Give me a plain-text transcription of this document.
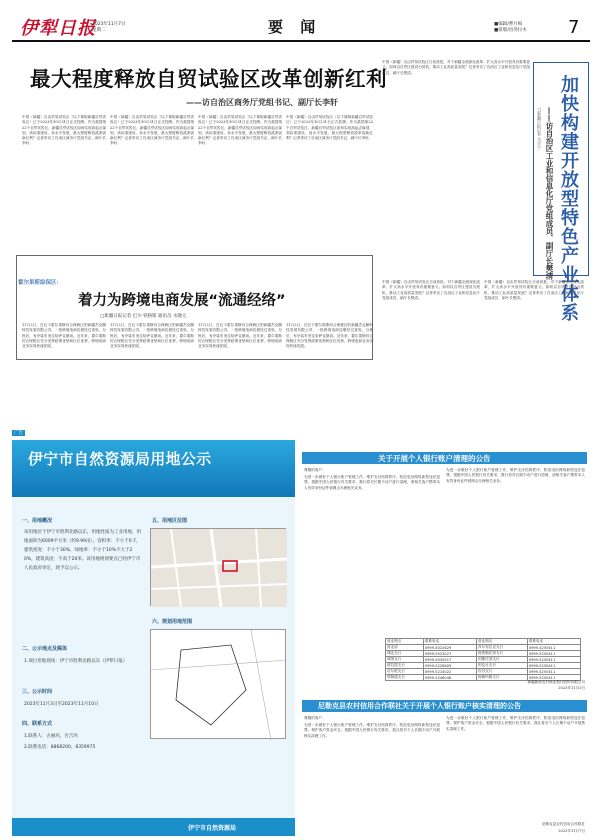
伊犁日报
2023年11月7日
星期二	要 闻	■编辑/曹月梅
■排版/再努拉木 7
最大程度释放自贸试验区改革创新红利
——访自治区商务厅党组书记、副厅长李轩
中国（新疆）自由贸易试验区（以下简称新疆自贸试验区）已于2023年10月31日正式挂牌。作为我国第22个自贸试验区，新疆自贸试验区如何实现高起点谋划、高标准建设、高水平发展，最大程度释放改革创新红利？记者采访了自治区商务厅党组书记、副厅长李轩。
中国（新疆）自由贸易试验区（以下简称新疆自贸试验区）已于2023年10月31日正式挂牌。作为我国第22个自贸试验区，新疆自贸试验区如何实现高起点谋划、高标准建设、高水平发展，最大程度释放改革创新红利？记者采访了自治区商务厅党组书记、副厅长李轩。
中国（新疆）自由贸易试验区（以下简称新疆自贸试验区）已于2023年10月31日正式挂牌。作为我国第22个自贸试验区，新疆自贸试验区如何实现高起点谋划、高标准建设、高水平发展，最大程度释放改革创新红利？记者采访了自治区商务厅党组书记、副厅长李轩。
中国（新疆）自由贸易试验区（以下简称新疆自贸试验区）已于2023年10月31日正式挂牌。作为我国第22个自贸试验区，新疆自贸试验区如何实现高起点谋划、高标准建设、高水平发展，最大程度释放改革创新红利？记者采访了自治区商务厅党组书记、副厅长李轩。
霍尔果斯综保区：
着力为跨境电商发展“流通经络”
□新疆日报记者 巴尔·铁格斯 通讯员 永隆元
11月2日，在位于霍尔果斯综合保税区的新疆杰克聊科技发展有限公司，一批跨境电商包裹经过查验、分拣后，有序装车发往哈萨克斯坦。近年来，霍尔果斯综合保税区充分发挥政策优势和区位优势，跨境电商业务实现快速发展。
11月2日，在位于霍尔果斯综合保税区的新疆杰克聊科技发展有限公司，一批跨境电商包裹经过查验、分拣后，有序装车发往哈萨克斯坦。近年来，霍尔果斯综合保税区充分发挥政策优势和区位优势，跨境电商业务实现快速发展。
11月2日，在位于霍尔果斯综合保税区的新疆杰克聊科技发展有限公司，一批跨境电商包裹经过查验、分拣后，有序装车发往哈萨克斯坦。近年来，霍尔果斯综合保税区充分发挥政策优势和区位优势，跨境电商业务实现快速发展。
11月2日，在位于霍尔果斯综合保税区的新疆杰克聊科技发展有限公司，一批跨境电商包裹经过查验、分拣后，有序装车发往哈萨克斯坦。近年来，霍尔果斯综合保税区充分发挥政策优势和区位优势，跨境电商业务实现快速发展。
加快构建开放型特色产业体系
——访自治区工业和信息化厅党组成员、副厅长樊清
□新疆日报记者 马学宁
中国（新疆）自由贸易试验区日前获批，对于新疆全面深化改革、扩大高水平开放具有重要意义。如何以自贸区建设为契机，推动工业高质量发展？记者采访了自治区工业和信息化厅党组成员、副厅长樊清。
中国（新疆）自由贸易试验区日前获批，对于新疆全面深化改革、扩大高水平开放具有重要意义。如何以自贸区建设为契机，推动工业高质量发展？记者采访了自治区工业和信息化厅党组成员、副厅长樊清。
中国（新疆）自由贸易试验区日前获批，对于新疆全面深化改革、扩大高水平开放具有重要意义。如何以自贸区建设为契机，推动工业高质量发展？记者采访了自治区工业和信息化厅党组成员、副厅长樊清。
广告
伊宁市自然资源局用地公示
一、用地概况
该用地位于伊宁市胜利北路以东，用地性质为工业用地，用地面积为6009平方米（约9.99亩）。容积率：不小于0.7，建筑密度：不小于30%，绿地率：不小于10%不大于20%，建筑高度：不高于20米。该用地规划要点已经伊宁市人民政府审定，现予以公示。
二、公示地点及媒体
1.项目用地现场：伊宁市胜利北路以东（伊犁日报）
三、公示时间
2023年11月3日至2023年11月10日
四、联系方式
1.联系人：古丽玛，吾吉玛
2.联系电话：8868200、8359975
五、用地区位图
六、规划用地范围
伊宁市自然资源局
关于开展个人银行账户清理的公告
尊敬的客户：
为进一步做好个人银行账户管理工作，维护支付结算秩序，防范电信网络新型违法犯罪，根据中国人民银行有关要求，我行将对长期不动户进行清理，请相关客户携带本人有效身份证件到网点办理相关业务。
为进一步做好个人银行账户管理工作，维护支付结算秩序，防范电信网络新型违法犯罪，根据中国人民银行有关要求，我行将对长期不动户进行清理，请相关客户携带本人有效身份证件到网点办理相关业务。
营业网点	联系电话	营业网点	联系电话
营业部	0999-5022629	肖尔布拉克支行	0999-5250411
城北支行	0999-5023027	阿热勒托别支行	0999-5250411
城郊支行	0999-5030517	别斯托别支行	0999-5250411
那拉提支行	0999-5226605	则克台支行	0999-5250411
吐尔根支行	0999-5215022	坎苏支行	0999-5250411
塔勒德支行	0999-5246046	阿勒玛勒支行	0999-5250411
新疆新源农村商业银行股份有限公司
2023年11月3日
尼勒克县农村信用合作联社关于开展个人银行账户核实清理的公告
尊敬的客户：
为进一步做好个人银行账户管理工作，维护支付结算秩序，防范电信网络新型违法犯罪，保护客户资金安全，根据中国人民银行有关要求，我社将对个人长期不动户开展核实清理工作。
为进一步做好个人银行账户管理工作，维护支付结算秩序，防范电信网络新型违法犯罪，保护客户资金安全，根据中国人民银行有关要求，我社将对个人长期不动户开展核实清理工作。
尼勒克县农村信用合作联社
2023年11月7日
